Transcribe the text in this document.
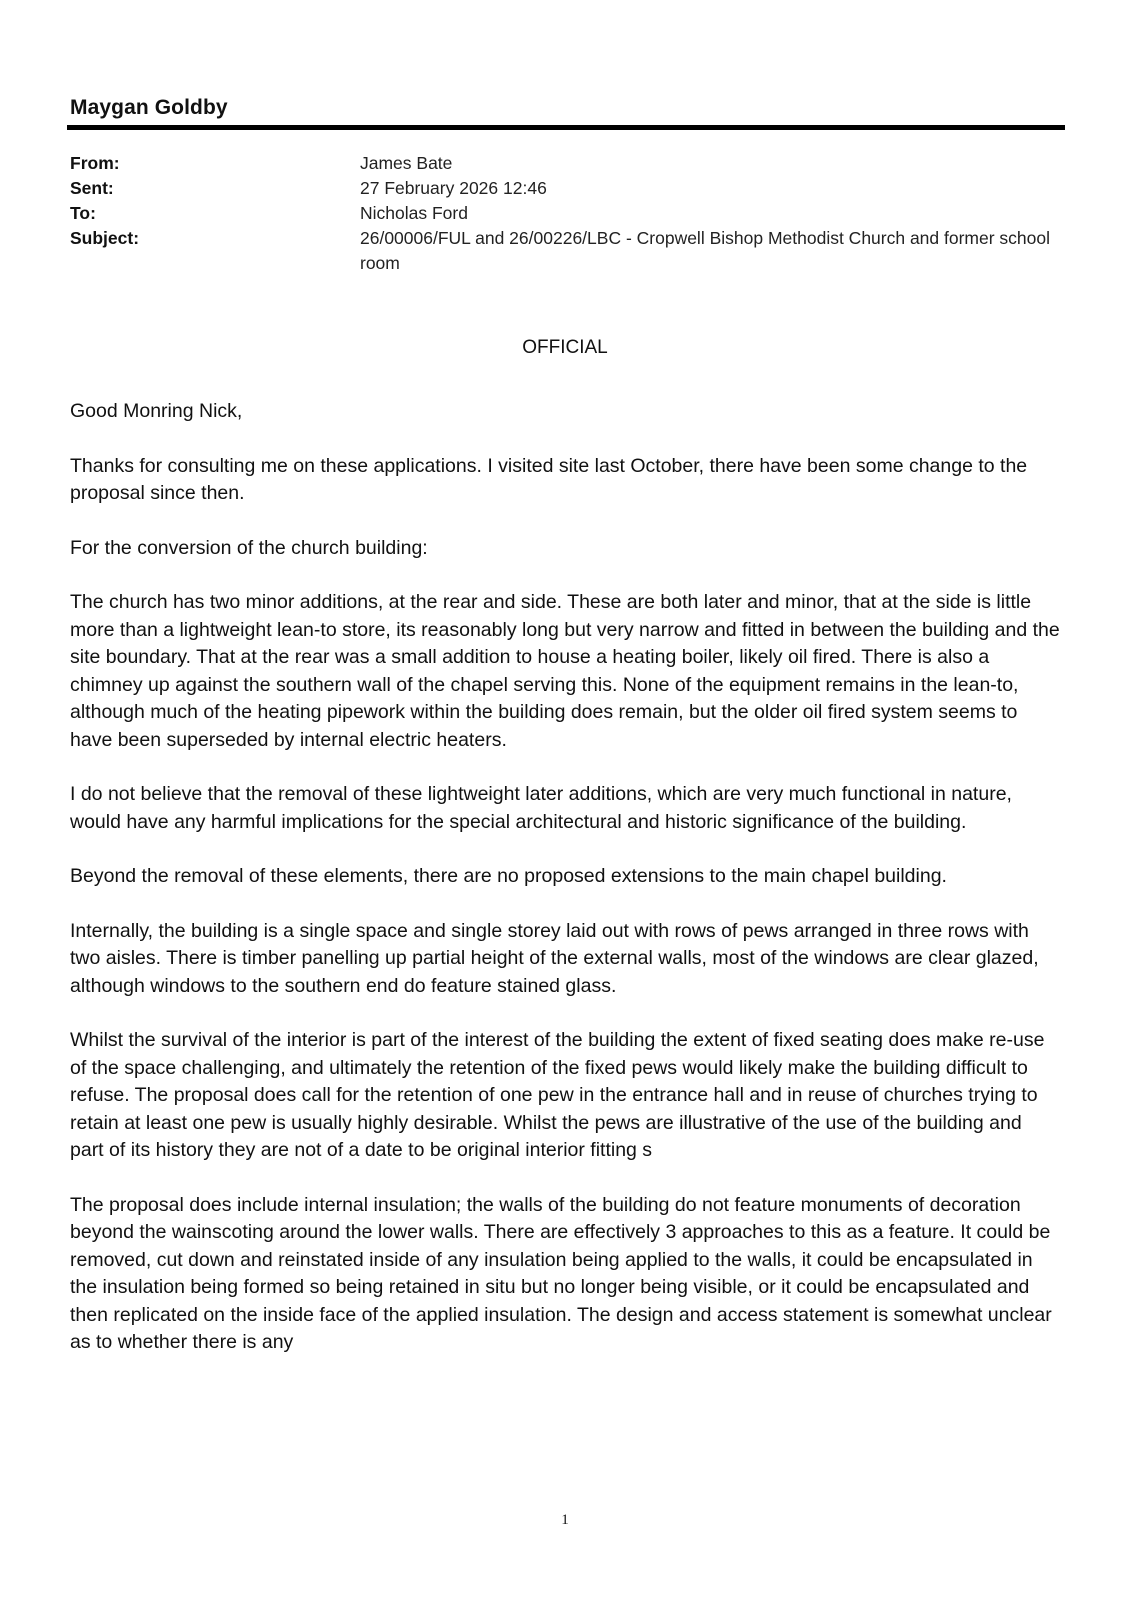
Maygan Goldby
From:	James Bate
Sent:	27 February 2026 12:46
To:	Nicholas Ford
Subject:	26/00006/FUL and 26/00226/LBC - Cropwell Bishop Methodist Church and former school room
OFFICIAL

Good Monring Nick,

Thanks for consulting me on these applications. I visited site last October, there have been some change to the proposal since then.

For the conversion of the church building:

The church has two minor additions, at the rear and side. These are both later and minor, that at the side is little more than a lightweight lean-to store, its reasonably long but very narrow and fitted in between the building and the site boundary. That at the rear was a small addition to house a heating boiler, likely oil fired. There is also a chimney up against the southern wall of the chapel serving this. None of the equipment remains in the lean-to, although much of the heating pipework within the building does remain, but the older oil fired system seems to have been superseded by internal electric heaters.

I do not believe that the removal of these lightweight later additions, which are very much functional in nature, would have any harmful implications for the special architectural and historic significance of the building.

Beyond the removal of these elements, there are no proposed extensions to the main chapel building.

Internally, the building is a single space and single storey laid out with rows of pews arranged in three rows with two aisles. There is timber panelling up partial height of the external walls, most of the windows are clear glazed, although windows to the southern end do feature stained glass.

Whilst the survival of the interior is part of the interest of the building the extent of fixed seating does make re-use of the space challenging, and ultimately the retention of the fixed pews would likely make the building difficult to refuse. The proposal does call for the retention of one pew in the entrance hall and in reuse of churches trying to retain at least one pew is usually highly desirable. Whilst the pews are illustrative of the use of the building and part of its history they are not of a date to be original interior fitting s

The proposal does include internal insulation; the walls of the building do not feature monuments of decoration beyond the wainscoting around the lower walls. There are effectively 3 approaches to this as a feature. It could be removed, cut down and reinstated inside of any insulation being applied to the walls, it could be encapsulated in the insulation being formed so being retained in situ but no longer being visible, or it could be encapsulated and then replicated on the inside face of the applied insulation. The design and access statement is somewhat unclear as to whether there is any

1
